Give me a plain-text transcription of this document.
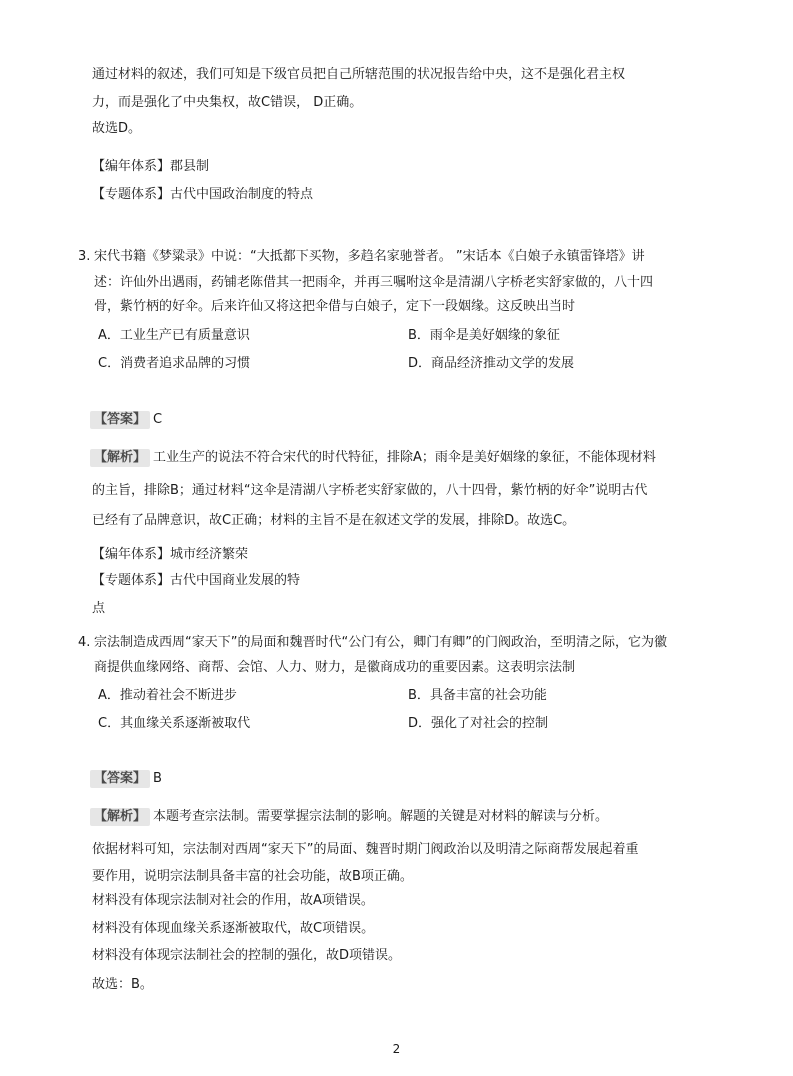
通过材料的叙述，我们可知是下级官员把自己所辖范围的状况报告给中央，这不是强化君主权
力，而是强化了中央集权，故C错误， D正确。
故选D。
【编年体系】郡县制
【专题体系】古代中国政治制度的特点
3. 宋代书籍《梦粱录》中说：“大抵都下买物，多趋名家驰誉者。 ”宋话本《白娘子永镇雷锋塔》讲
述：许仙外出遇雨，药铺老陈借其一把雨伞，并再三嘱咐这伞是清湖八字桥老实舒家做的，八十四
骨，紫竹柄的好伞。后来许仙又将这把伞借与白娘子，定下一段姻缘。这反映出当时
A．工业生产已有质量意识	B．雨伞是美好姻缘的象征
C．消费者追求品牌的习惯	D．商品经济推动文学的发展
【答案】 C
【解析】 工业生产的说法不符合宋代的时代特征，排除A；雨伞是美好姻缘的象征，不能体现材料
的主旨，排除B；通过材料“这伞是清湖八字桥老实舒家做的，八十四骨，紫竹柄的好伞”说明古代
已经有了品牌意识，故C正确；材料的主旨不是在叙述文学的发展，排除D。故选C。
【编年体系】城市经济繁荣
【专题体系】古代中国商业发展的特
点
4. 宗法制造成西周“家天下”的局面和魏晋时代“公门有公，卿门有卿”的门阀政治，至明清之际，它为徽
商提供血缘网络、商帮、会馆、人力、财力，是徽商成功的重要因素。这表明宗法制
A．推动着社会不断进步	B．具备丰富的社会功能
C．其血缘关系逐渐被取代	D．强化了对社会的控制
【答案】 B
【解析】 本题考查宗法制。需要掌握宗法制的影响。解题的关键是对材料的解读与分析。
依据材料可知，宗法制对西周“家天下”的局面、魏晋时期门阀政治以及明清之际商帮发展起着重
要作用，说明宗法制具备丰富的社会功能，故B项正确。
材料没有体现宗法制对社会的作用，故A项错误。
材料没有体现血缘关系逐渐被取代，故C项错误。
材料没有体现宗法制社会的控制的强化，故D项错误。
故选：B。
2
